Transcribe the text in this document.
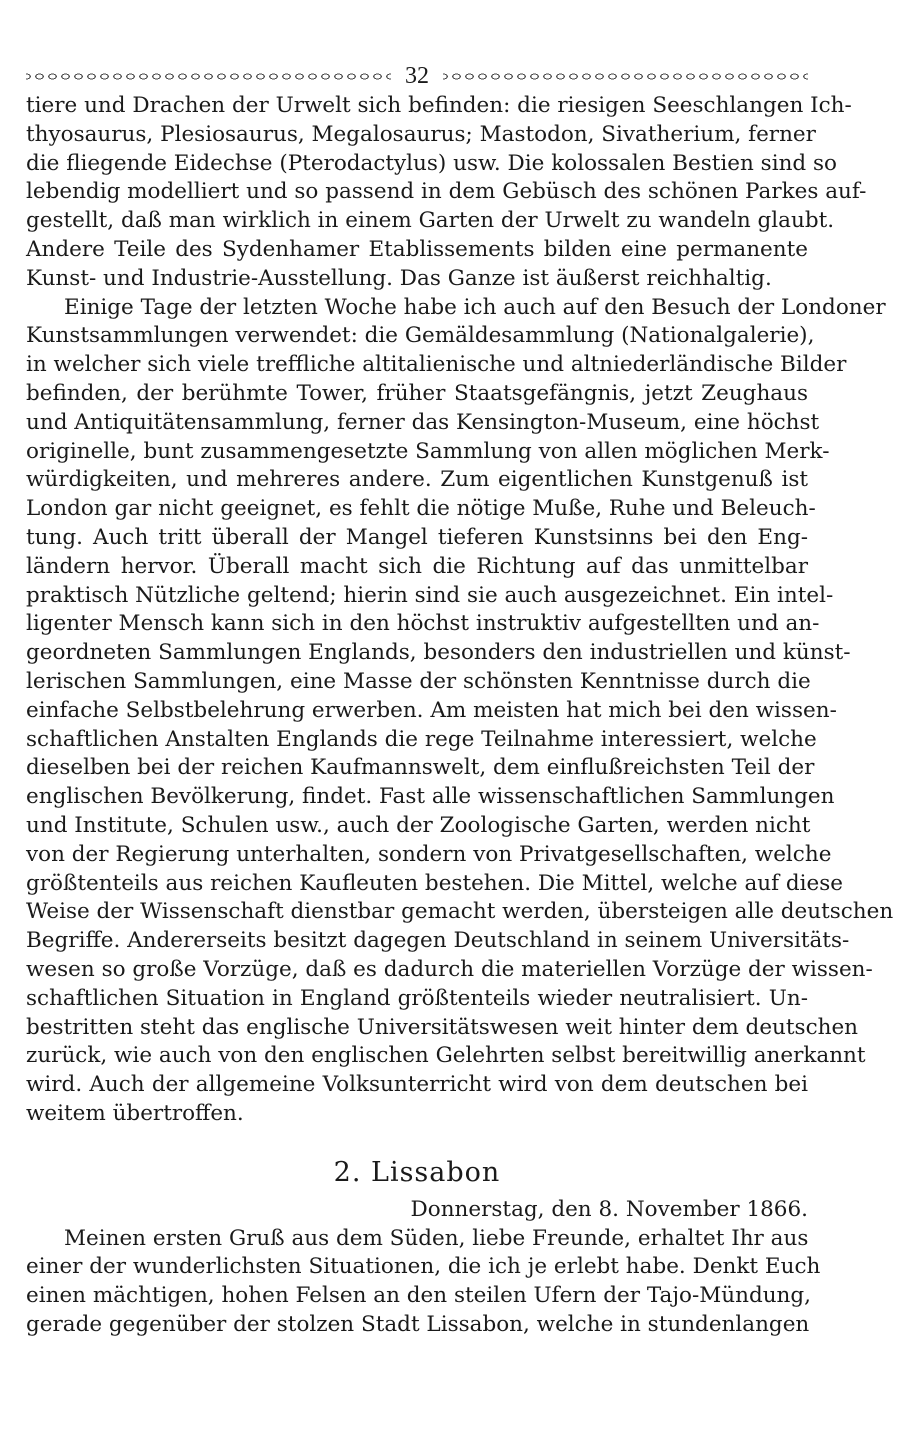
32
tiere und Drachen der Urwelt sich befinden: die riesigen Seeschlangen Ich-
thyosaurus, Plesiosaurus, Megalosaurus; Mastodon, Sivatherium, ferner
die fliegende Eidechse (Pterodactylus) usw. Die kolossalen Bestien sind so
lebendig modelliert und so passend in dem Gebüsch des schönen Parkes auf-
gestellt, daß man wirklich in einem Garten der Urwelt zu wandeln glaubt.
Andere Teile des Sydenhamer Etablissements bilden eine permanente
Kunst- und Industrie-Ausstellung. Das Ganze ist äußerst reichhaltig.
Einige Tage der letzten Woche habe ich auch auf den Besuch der Londoner
Kunstsammlungen verwendet: die Gemäldesammlung (Nationalgalerie),
in welcher sich viele treffliche altitalienische und altniederländische Bilder
befinden, der berühmte Tower, früher Staatsgefängnis, jetzt Zeughaus
und Antiquitätensammlung, ferner das Kensington-Museum, eine höchst
originelle, bunt zusammengesetzte Sammlung von allen möglichen Merk-
würdigkeiten, und mehreres andere. Zum eigentlichen Kunstgenuß ist
London gar nicht geeignet, es fehlt die nötige Muße, Ruhe und Beleuch-
tung. Auch tritt überall der Mangel tieferen Kunstsinns bei den Eng-
ländern hervor. Überall macht sich die Richtung auf das unmittelbar
praktisch Nützliche geltend; hierin sind sie auch ausgezeichnet. Ein intel-
ligenter Mensch kann sich in den höchst instruktiv aufgestellten und an-
geordneten Sammlungen Englands, besonders den industriellen und künst-
lerischen Sammlungen, eine Masse der schönsten Kenntnisse durch die
einfache Selbstbelehrung erwerben. Am meisten hat mich bei den wissen-
schaftlichen Anstalten Englands die rege Teilnahme interessiert, welche
dieselben bei der reichen Kaufmannswelt, dem einflußreichsten Teil der
englischen Bevölkerung, findet. Fast alle wissenschaftlichen Sammlungen
und Institute, Schulen usw., auch der Zoologische Garten, werden nicht
von der Regierung unterhalten, sondern von Privatgesellschaften, welche
größtenteils aus reichen Kaufleuten bestehen. Die Mittel, welche auf diese
Weise der Wissenschaft dienstbar gemacht werden, übersteigen alle deutschen
Begriffe. Andererseits besitzt dagegen Deutschland in seinem Universitäts-
wesen so große Vorzüge, daß es dadurch die materiellen Vorzüge der wissen-
schaftlichen Situation in England größtenteils wieder neutralisiert. Un-
bestritten steht das englische Universitätswesen weit hinter dem deutschen
zurück, wie auch von den englischen Gelehrten selbst bereitwillig anerkannt
wird. Auch der allgemeine Volksunterricht wird von dem deutschen bei
weitem übertroffen.
2. Lissabon
Donnerstag, den 8. November 1866.
Meinen ersten Gruß aus dem Süden, liebe Freunde, erhaltet Ihr aus
einer der wunderlichsten Situationen, die ich je erlebt habe. Denkt Euch
einen mächtigen, hohen Felsen an den steilen Ufern der Tajo-Mündung,
gerade gegenüber der stolzen Stadt Lissabon, welche in stundenlangen
